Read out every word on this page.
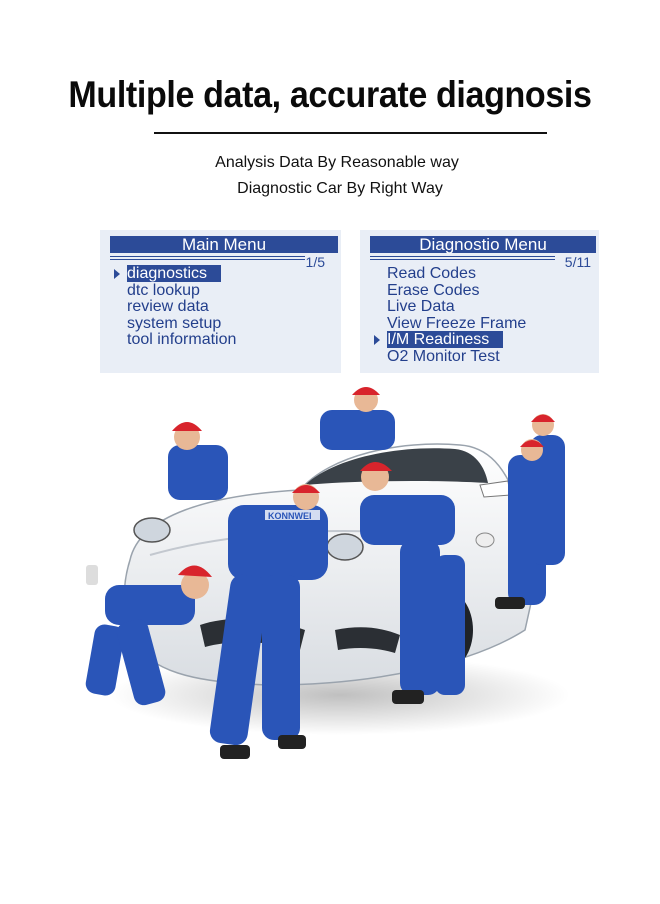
Multiple data, accurate diagnosis
Analysis Data By Reasonable way
Diagnostic Car By Right Way
Main Menu
1/5
diagnostics
dtc lookup
review data
system setup
tool information
Diagnostio Menu
5/11
Read Codes
Erase Codes
Live Data
View Freeze Frame
I/M Readiness
O2 Monitor Test
KONNWEI
